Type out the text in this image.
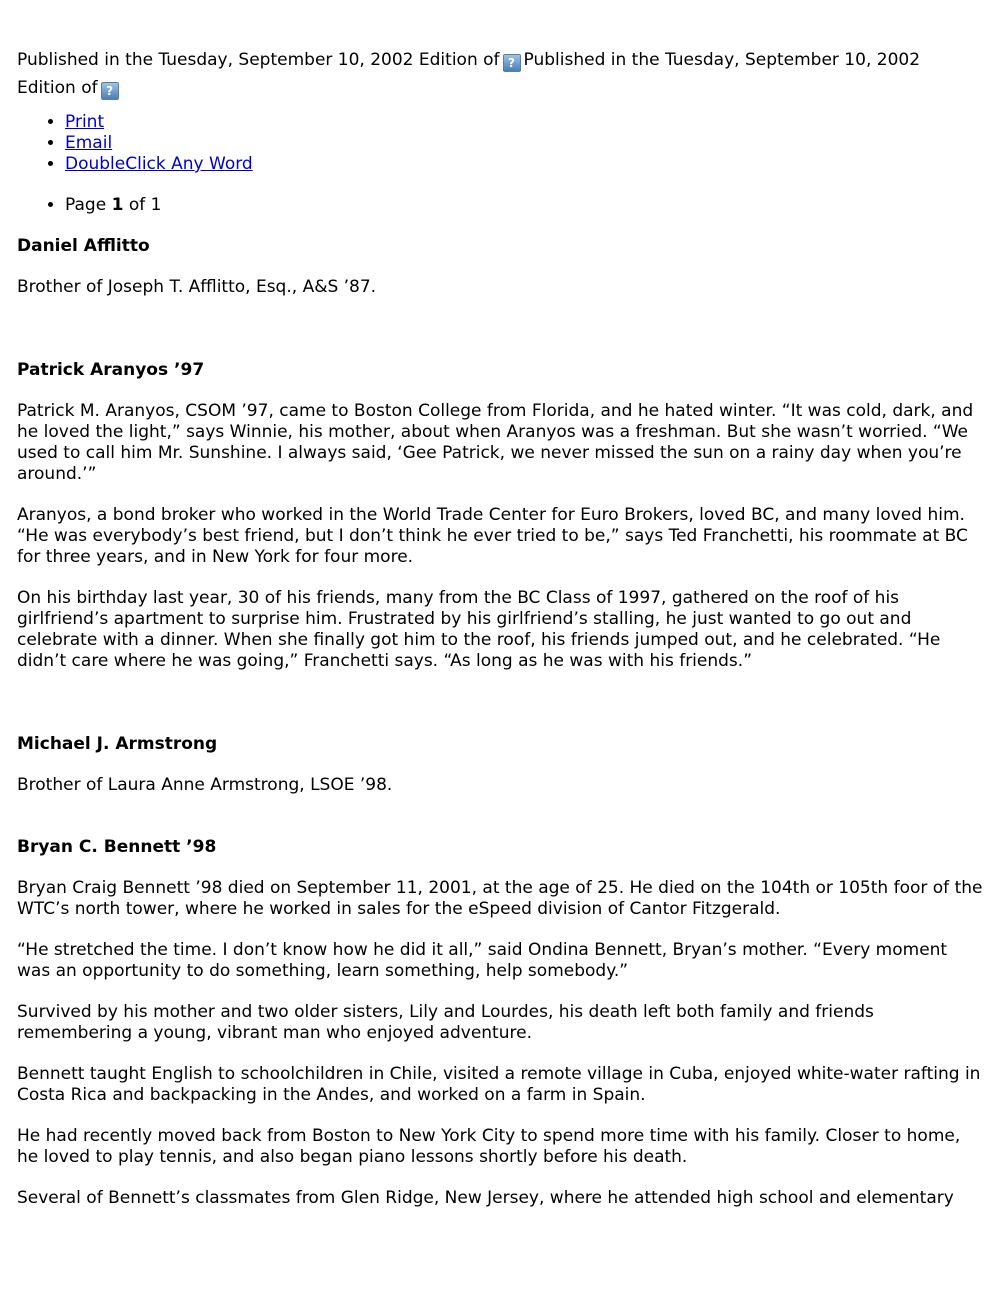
Published in the Tuesday, September 10, 2002 Edition of ? Published in the Tuesday, September 10, 2002 Edition of ?

• Print
• Email
• DoubleClick Any Word
• Page 1 of 1
Daniel Afflitto

Brother of Joseph T. Afflitto, Esq., A&S ’87.

Patrick Aranyos ’97

Patrick M. Aranyos, CSOM ’97, came to Boston College from Florida, and he hated winter. “It was cold, dark, and he loved the light,” says Winnie, his mother, about when Aranyos was a freshman. But she wasn’t worried. “We used to call him Mr. Sunshine. I always said, ‘Gee Patrick, we never missed the sun on a rainy day when you’re around.’”

Aranyos, a bond broker who worked in the World Trade Center for Euro Brokers, loved BC, and many loved him. “He was everybody’s best friend, but I don’t think he ever tried to be,” says Ted Franchetti, his roommate at BC for three years, and in New York for four more.

On his birthday last year, 30 of his friends, many from the BC Class of 1997, gathered on the roof of his girlfriend’s apartment to surprise him. Frustrated by his girlfriend’s stalling, he just wanted to go out and celebrate with a dinner. When she finally got him to the roof, his friends jumped out, and he celebrated. “He didn’t care where he was going,” Franchetti says. “As long as he was with his friends.”

Michael J. Armstrong

Brother of Laura Anne Armstrong, LSOE ’98.

Bryan C. Bennett ’98

Bryan Craig Bennett ’98 died on September 11, 2001, at the age of 25. He died on the 104th or 105th foor of the WTC’s north tower, where he worked in sales for the eSpeed division of Cantor Fitzgerald.

“He stretched the time. I don’t know how he did it all,” said Ondina Bennett, Bryan’s mother. “Every moment was an opportunity to do something, learn something, help somebody.”

Survived by his mother and two older sisters, Lily and Lourdes, his death left both family and friends remembering a young, vibrant man who enjoyed adventure.

Bennett taught English to schoolchildren in Chile, visited a remote village in Cuba, enjoyed white-water rafting in Costa Rica and backpacking in the Andes, and worked on a farm in Spain.

He had recently moved back from Boston to New York City to spend more time with his family. Closer to home, he loved to play tennis, and also began piano lessons shortly before his death.

Several of Bennett’s classmates from Glen Ridge, New Jersey, where he attended high school and elementary
